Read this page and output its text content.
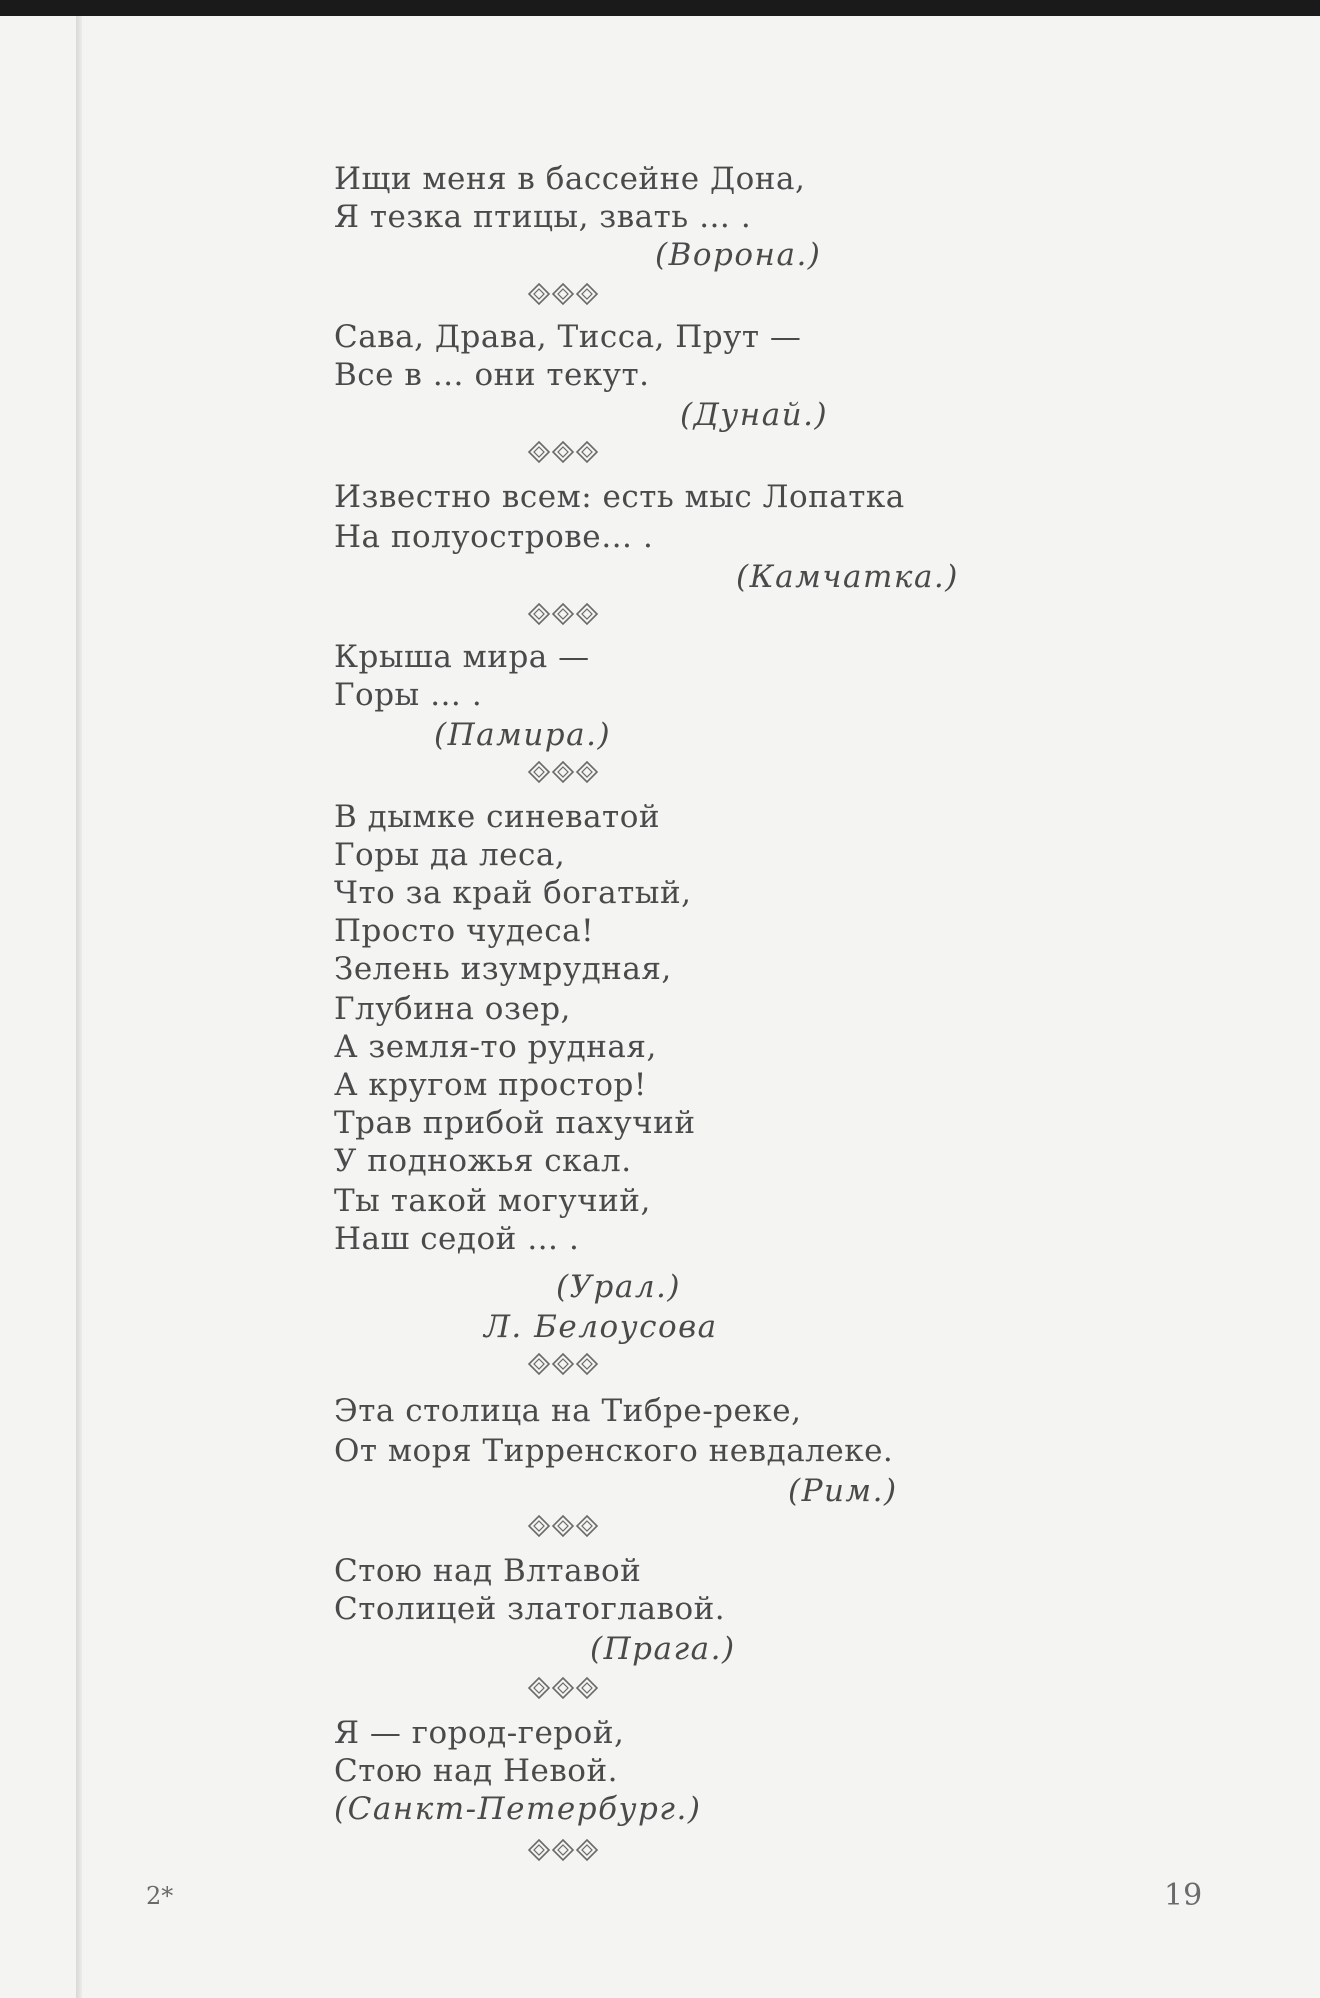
Ищи меня в бассейне Дона,
Я тезка птицы, звать … .
(Ворона.)
Сава, Драва, Тисса, Прут —
Все в … они текут.
(Дунай.)
Известно всем: есть мыс Лопатка
На полуострове… .
(Камчатка.)
Крыша мира —
Горы … .
(Памира.)
В дымке синеватой
Горы да леса,
Что за край богатый,
Просто чудеса!
Зелень изумрудная,
Глубина озер,
А земля-то рудная,
А кругом простор!
Трав прибой пахучий
У подножья скал.
Ты такой могучий,
Наш седой … .
(Урал.)
Л. Белоусова
Эта столица на Тибре-реке,
От моря Тирренского невдалеке.
(Рим.)
Стою над Влтавой
Столицей златоглавой.
(Прага.)
Я — город-герой,
Стою над Невой.
(Санкт-Петербург.)
2*	19
